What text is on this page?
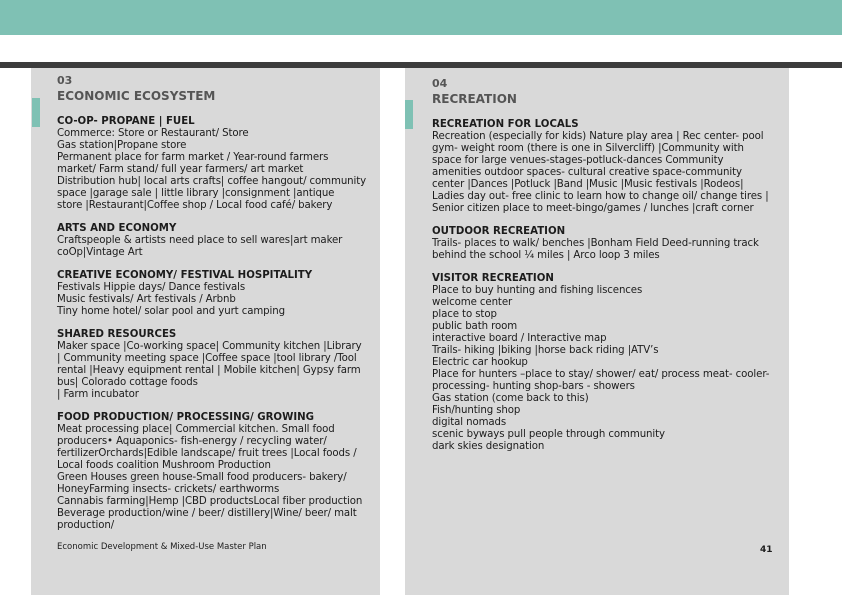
03
ECONOMIC ECOSYSTEM
CO-OP- PROPANE | FUEL
Commerce: Store or Restaurant/ Store
Gas station|Propane store
Permanent place for farm market / Year-round farmers
market/ Farm stand/ full year farmers/ art market
Distribution hub| local arts crafts| coffee hangout/ community
space |garage sale | little library |consignment |antique
store |Restaurant|Coffee shop / Local food café/ bakery
ARTS AND ECONOMY
Craftspeople & artists need place to sell wares|art maker
coOp|Vintage Art
CREATIVE ECONOMY/ FESTIVAL HOSPITALITY
Festivals Hippie days/ Dance festivals
Music festivals/ Art festivals / Arbnb
Tiny home hotel/ solar pool and yurt camping
SHARED RESOURCES
Maker space |Co-working space| Community kitchen |Library
| Community meeting space |Coffee space |tool library /Tool
rental |Heavy equipment rental | Mobile kitchen| Gypsy farm
bus| Colorado cottage foods
| Farm incubator
FOOD PRODUCTION/ PROCESSING/ GROWING
Meat processing place| Commercial kitchen. Small food
producers• Aquaponics- fish-energy / recycling water/
fertilizerOrchards|Edible landscape/ fruit trees |Local foods /
Local foods coalition Mushroom Production
Green Houses green house-Small food producers- bakery/
HoneyFarming insects- crickets/ earthworms
Cannabis farming|Hemp |CBD productsLocal fiber production
Beverage production/wine / beer/ distillery|Wine/ beer/ malt
production/
04
RECREATION
RECREATION FOR LOCALS
Recreation (especially for kids) Nature play area | Rec center- pool
gym- weight room (there is one in Silvercliff) |Community with
space for large venues-stages-potluck-dances Community
amenities outdoor spaces- cultural creative space-community
center |Dances |Potluck |Band |Music |Music festivals |Rodeos|
Ladies day out- free clinic to learn how to change oil/ change tires |
Senior citizen place to meet-bingo/games / lunches |craft corner
OUTDOOR RECREATION
Trails- places to walk/ benches |Bonham Field Deed-running track
behind the school ¼ miles | Arco loop 3 miles
VISITOR RECREATION
Place to buy hunting and fishing liscences
welcome center
place to stop
public bath room
interactive board / Interactive map
Trails- hiking |biking |horse back riding |ATV’s
Electric car hookup
Place for hunters –place to stay/ shower/ eat/ process meat- cooler-
processing- hunting shop-bars - showers
Gas station (come back to this)
Fish/hunting shop
digital nomads
scenic byways pull people through community
dark skies designation
Economic Development & Mixed-Use Master Plan	41
